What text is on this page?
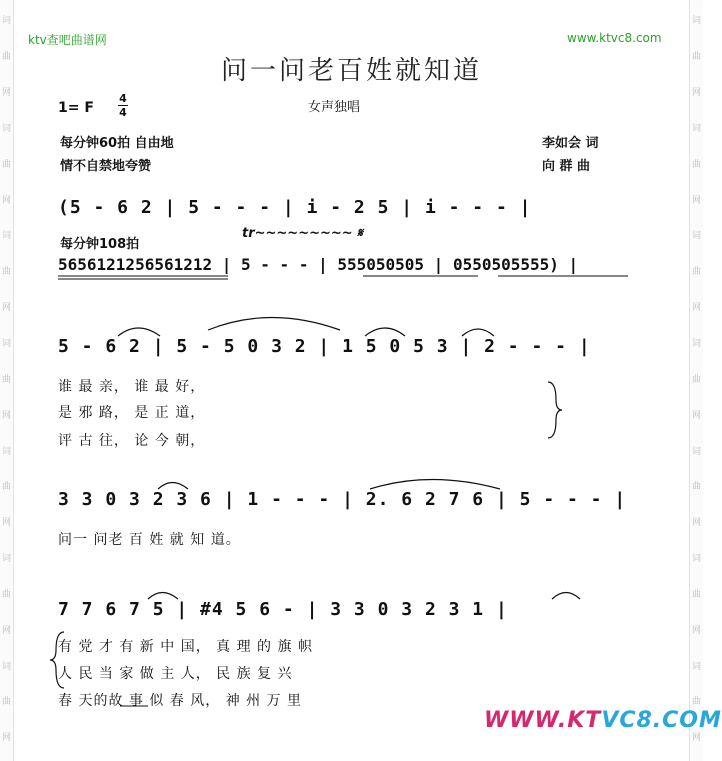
词
曲
网
词
曲
网
词
曲
网
词
曲
网
词
曲
网
词
曲
网
词
曲
网
词
曲
网
词
曲
网
词
曲
网
词
曲
网
词
曲
网
词
曲
网
词
曲
网
ktv查吧曲谱网	www.ktvc8.com
问一问老百姓就知道
女声独唱
1= F
4
4
每分钟60拍 自由地
情不自禁地夸赞
李如会 词
向 群 曲
(5 - 6 2 | 5 - - - | i - 2 5 | i - - - |
每分钟108拍
tr~~~~~~~~~ 𝄋
5656121256561212 | 5 - - - | 555050505 | 0550505555) |
5 - 6 2 | 5 - 5 0 3 2 | 1 5 0 5 3 | 2 - - - |
谁 最 亲， 谁 最 好，
是 邪 路， 是 正 道，
评 古 往， 论 今 朝，
3 3 0 3 2 3 6 | 1 - - - | 2. 6 2 7 6 | 5 - - - |
问一 问老 百 姓 就 知 道。
7 7 6 7 5 | #4 5 6 - | 3 3 0 3 2 3 1 |
有 党 才 有 新 中 国， 真 理 的 旗 帜
人 民 当 家 做 主 人， 民 族 复 兴
春 天的故 事 似 春 风， 神 州 万 里
WWW.KTVC8.COM
